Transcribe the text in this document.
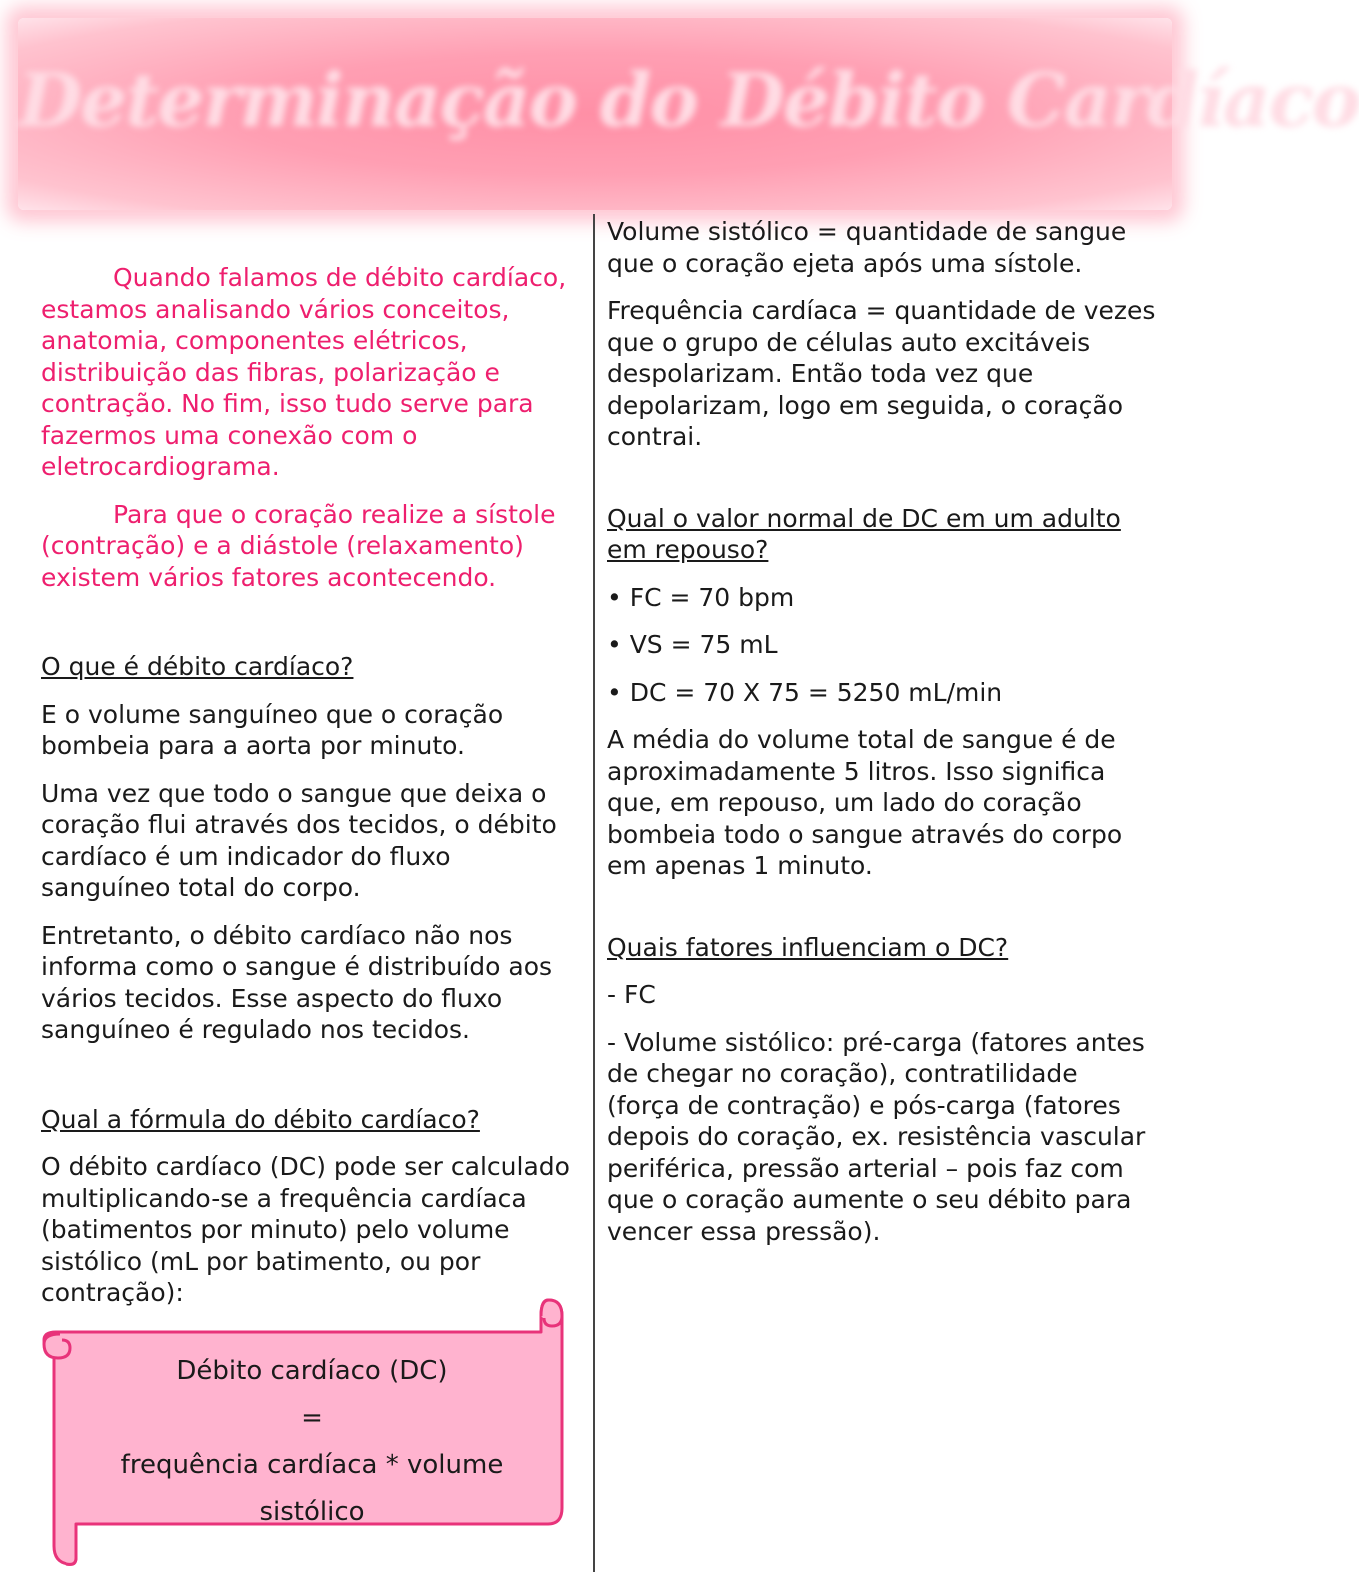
Determinação do Débito Cardíaco

Quando falamos de débito cardíaco, estamos analisando vários conceitos, anatomia, componentes elétricos, distribuição das fibras, polarização e contração. No fim, isso tudo serve para fazermos uma conexão com o eletrocardiograma.

Para que o coração realize a sístole (contração) e a diástole (relaxamento) existem vários fatores acontecendo.

O que é débito cardíaco?

E o volume sanguíneo que o coração bombeia para a aorta por minuto.

Uma vez que todo o sangue que deixa o coração flui através dos tecidos, o débito cardíaco é um indicador do fluxo sanguíneo total do corpo.

Entretanto, o débito cardíaco não nos informa como o sangue é distribuído aos vários tecidos. Esse aspecto do fluxo sanguíneo é regulado nos tecidos.

Qual a fórmula do débito cardíaco?

O débito cardíaco (DC) pode ser calculado multiplicando-se a frequência cardíaca (batimentos por minuto) pelo volume sistólico (mL por batimento, ou por contração):

Débito cardíaco (DC)
=
frequência cardíaca * volume sistólico

Volume sistólico = quantidade de sangue que o coração ejeta após uma sístole.

Frequência cardíaca = quantidade de vezes que o grupo de células auto excitáveis despolarizam. Então toda vez que depolarizam, logo em seguida, o coração contrai.

Qual o valor normal de DC em um adulto em repouso?

• FC = 70 bpm

• VS = 75 mL

• DC = 70 X 75 = 5250 mL/min

A média do volume total de sangue é de aproximadamente 5 litros. Isso significa que, em repouso, um lado do coração bombeia todo o sangue através do corpo em apenas 1 minuto.

Quais fatores influenciam o DC?

- FC

- Volume sistólico: pré-carga (fatores antes de chegar no coração), contratilidade (força de contração) e pós-carga (fatores depois do coração, ex. resistência vascular periférica, pressão arterial – pois faz com que o coração aumente o seu débito para vencer essa pressão).
